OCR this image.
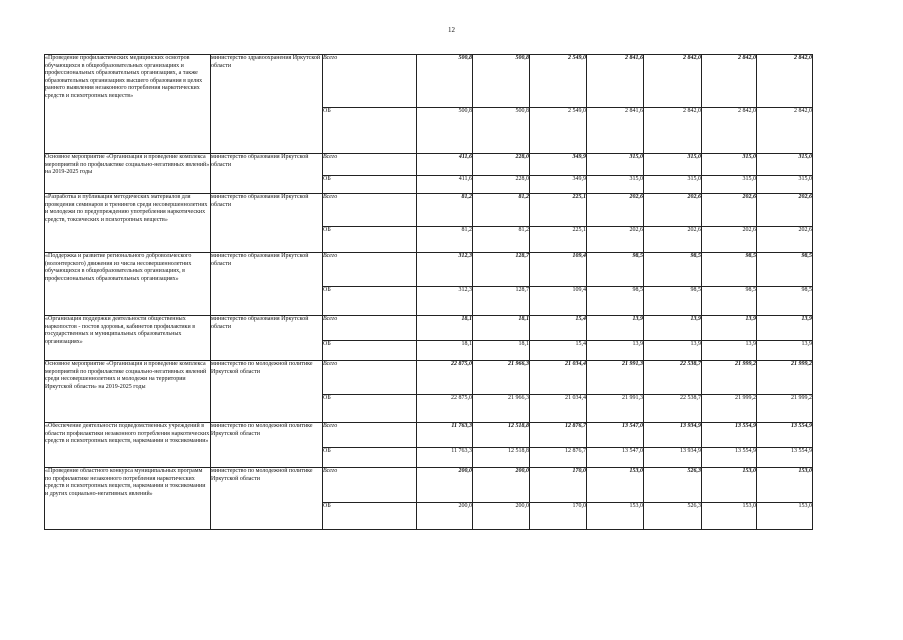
12
«Проведение профилактических медицинских осмотров обучающихся в общеобразовательных организациях и профессиональных образовательных организациях, а также образовательных организациях высшего образования в целях раннего выявления незаконного потребления наркотических средств и психотропных веществ»	министерство здравоохранения Иркутской области	Всего	500,8	500,8	2 549,0	2 841,6	2 842,0	2 842,0	2 842,0
		ОБ	500,8	500,8	2 549,0	2 841,6	2 842,0	2 842,0	2 842,0
Основное мероприятие «Организация и проведение комплекса мероприятий по профилактике социально-негативных явлений» на 2019-2025 годы	министерство образования Иркутской области	Всего	411,6	228,0	349,9	315,0	315,0	315,0	315,0
		ОБ	411,6	228,0	349,9	315,0	315,0	315,0	315,0
«Разработка и публикация методических материалов для проведения семинаров и тренингов среди несовершеннолетних и молодежи по предупреждению употребления наркотических средств, токсических и психотропных веществ»	министерство образования Иркутской области	Всего	81,2	81,2	225,1	202,6	202,6	202,6	202,6
		ОБ	81,2	81,2	225,1	202,6	202,6	202,6	202,6
«Поддержка и развитие регионального добровольческого (волонтерского) движения из числа несовершеннолетних обучающихся в общеобразовательных организациях, в профессиональных образовательных организациях»	министерство образования Иркутской области	Всего	312,3	128,7	109,4	98,5	98,5	98,5	98,5
		ОБ	312,3	128,7	109,4	98,5	98,5	98,5	98,5
«Организация поддержки деятельности общественных наркопостов - постов здоровья, кабинетов профилактики в государственных и муниципальных образовательных организациях»	министерство образования Иркутской области	Всего	18,1	18,1	15,4	13,9	13,9	13,9	13,9
		ОБ	18,1	18,1	15,4	13,9	13,9	13,9	13,9
Основное мероприятие «Организация и проведение комплекса мероприятий по профилактике социально-негативных явлений среди несовершеннолетних и молодежи на территории Иркутской области» на 2019-2025 годы	министерство по молодежной политике Иркутской области	Всего	22 875,0	21 966,3	21 034,4	21 991,3	22 538,7	21 999,2	21 999,2
		ОБ	22 875,0	21 966,3	21 034,4	21 991,3	22 538,7	21 999,2	21 999,2
«Обеспечение деятельности подведомственных учреждений в области профилактики незаконного потребления наркотических средств и психотропных веществ, наркомании и токсикомании»	министерство по молодежной политике Иркутской области	Всего	11 763,3	12 518,8	12 876,7	13 547,0	13 934,9	13 554,9	13 554,9
		ОБ	11 763,3	12 518,8	12 876,7	13 547,0	13 934,9	13 554,9	13 554,9
«Проведение областного конкурса муниципальных программ по профилактике незаконного потребления наркотических средств и психотропных веществ, наркомании и токсикомании и других социально-негативных явлений»	министерство по молодежной политике Иркутской области	Всего	200,0	200,0	170,0	153,0	526,3	153,0	153,0
		ОБ	200,0	200,0	170,0	153,0	526,3	153,0	153,0
